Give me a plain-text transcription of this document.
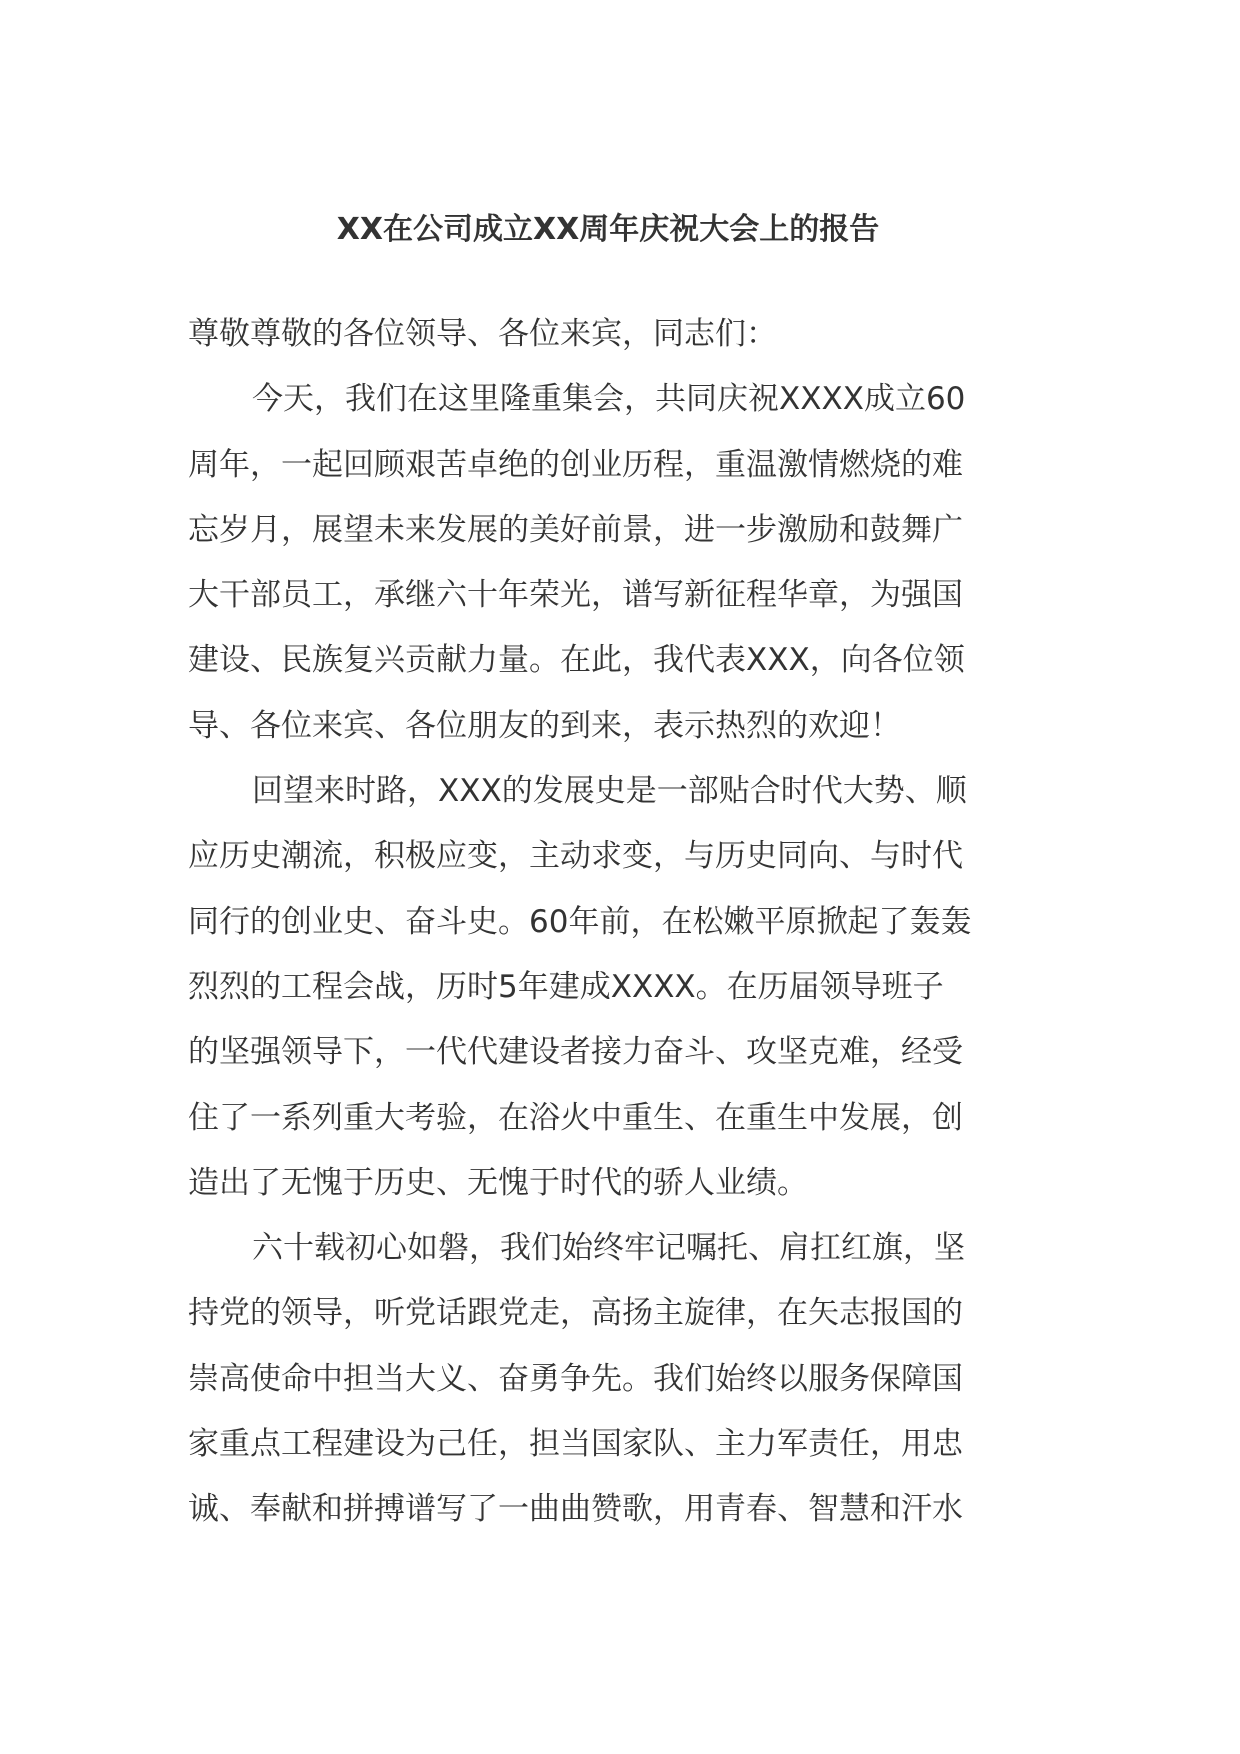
XX在公司成立XX周年庆祝大会上的报告
尊敬尊敬的各位领导、各位来宾，同志们：
今天，我们在这里隆重集会，共同庆祝XXXX成立60
周年，一起回顾艰苦卓绝的创业历程，重温激情燃烧的难
忘岁月，展望未来发展的美好前景，进一步激励和鼓舞广
大干部员工，承继六十年荣光，谱写新征程华章，为强国
建设、民族复兴贡献力量。在此，我代表XXX，向各位领
导、各位来宾、各位朋友的到来，表示热烈的欢迎！
回望来时路，XXX的发展史是一部贴合时代大势、顺
应历史潮流，积极应变，主动求变，与历史同向、与时代
同行的创业史、奋斗史。60年前，在松嫩平原掀起了轰轰
烈烈的工程会战，历时5年建成XXXX。在历届领导班子
的坚强领导下，一代代建设者接力奋斗、攻坚克难，经受
住了一系列重大考验，在浴火中重生、在重生中发展，创
造出了无愧于历史、无愧于时代的骄人业绩。
六十载初心如磐，我们始终牢记嘱托、肩扛红旗，坚
持党的领导，听党话跟党走，高扬主旋律，在矢志报国的
崇高使命中担当大义、奋勇争先。我们始终以服务保障国
家重点工程建设为己任，担当国家队、主力军责任，用忠
诚、奉献和拼搏谱写了一曲曲赞歌，用青春、智慧和汗水
